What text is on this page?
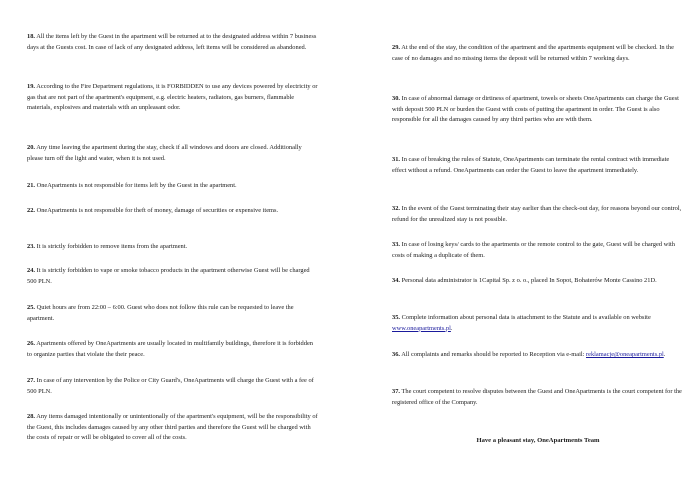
18. All the items left by the Guest in the apartment will be returned at to the designated address within 7 business days at the Guests cost. In case of lack of any designated address, left items will be considered as abandoned.

19. According to the Fire Department regulations, it is FORBIDDEN to use any devices powered by electricity or gas that are not part of the apartment's equipment, e.g. electric heaters, radiators, gas burners, flammable materials, explosives and materials with an unpleasant odor.

20. Any time leaving the apartment during the stay, check if all windows and doors are closed. Additionally please turn off the light and water, when it is not used.

21. OneApartments is not responsible for items left by the Guest in the apartment.

22. OneApartments is not responsible for theft of money, damage of securities or expensive items.

23. It is strictly forbidden to remove items from the apartment.

24. It is strictly forbidden to vape or smoke tobacco products in the apartment otherwise Guest will be charged 500 PLN.

25. Quiet hours are from 22:00 – 6:00. Guest who does not follow this rule can be requested to leave the apartment.

26. Apartments offered by OneApartments are usually located in multifamily buildings, therefore it is forbidden to organize parties that violate the their peace.

27. In case of any intervention by the Police or City Guard's, OneApartments will charge the Guest with a fee of 500 PLN.

28. Any items damaged intentionally or unintentionally of the apartment's equipment, will be the responsibility of the Guest, this includes damages caused by any other third parties and therefore the Guest will be charged with the costs of repair or will be obligated to cover all of the costs.

29. At the end of the stay, the condition of the apartment and the apartments equipment will be checked. In the case of no damages and no missing items the deposit will be returned within 7 working days.

30. In case of abnormal damage or dirtiness of apartment, towels or sheets OneApartments can charge the Guest with deposit 500 PLN or burden the Guest with costs of putting the apartment in order. The Guest is also responsible for all the damages caused by any third parties who are with them.

31. In case of breaking the rules of Statute, OneApartments can terminate the rental contract with immediate effect without a refund. OneApartments can order the Guest to leave the apartment immediately.

32. In the event of the Guest terminating their stay earlier than the check-out day, for reasons beyond our control, refund for the unrealized stay is not possible.

33. In case of losing keys/ cards to the apartments or the remote control to the gate, Guest will be charged with costs of making a duplicate of them.

34. Personal data administrator is 1Capital Sp. z o. o., placed In Sopot, Bohaterów Monte Cassino 21D.

35. Complete information about personal data is attachment to the Statute and is available on website www.oneapartments.pl.

36. All complaints and remarks should be reported to Reception via e-mail: reklamacje@oneapartments.pl.

37. The court competent to resolve disputes between the Guest and OneApartments is the court competent for the registered office of the Company.

Have a pleasant stay, OneApartments Team
